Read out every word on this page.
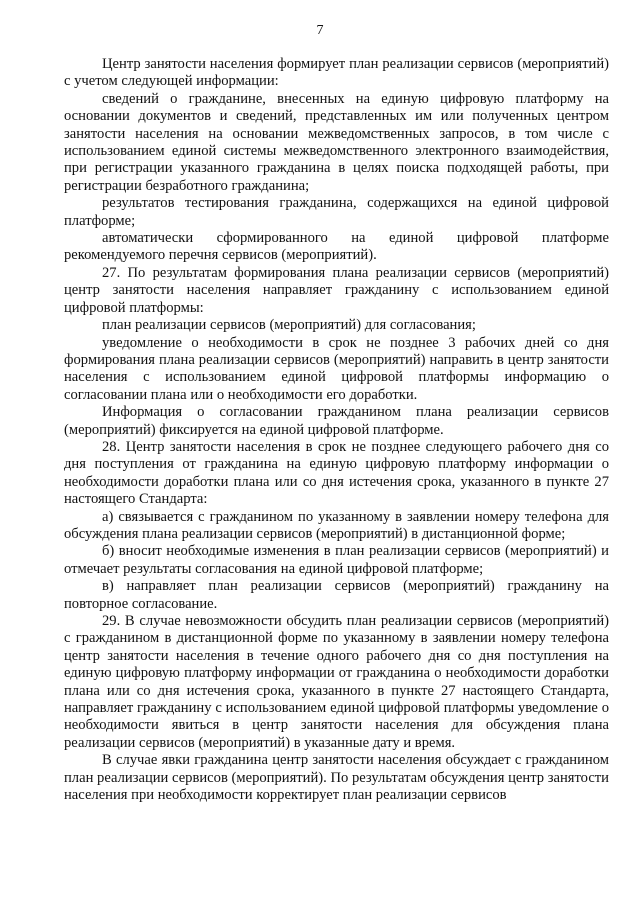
7

Центр занятости населения формирует план реализации сервисов (мероприятий) с учетом следующей информации:

сведений о гражданине, внесенных на единую цифровую платформу на основании документов и сведений, представленных им или полученных центром занятости населения на основании межведомственных запросов, в том числе с использованием единой системы межведомственного электронного взаимодействия, при регистрации указанного гражданина в целях поиска подходящей работы, при регистрации безработного гражданина;

результатов тестирования гражданина, содержащихся на единой цифровой платформе;

автоматически сформированного на единой цифровой платформе рекомендуемого перечня сервисов (мероприятий).

27. По результатам формирования плана реализации сервисов (мероприятий) центр занятости населения направляет гражданину с использованием единой цифровой платформы:

план реализации сервисов (мероприятий) для согласования;

уведомление о необходимости в срок не позднее 3 рабочих дней со дня формирования плана реализации сервисов (мероприятий) направить в центр занятости населения с использованием единой цифровой платформы информацию о согласовании плана или о необходимости его доработки.

Информация о согласовании гражданином плана реализации сервисов (мероприятий) фиксируется на единой цифровой платформе.

28. Центр занятости населения в срок не позднее следующего рабочего дня со дня поступления от гражданина на единую цифровую платформу информации о необходимости доработки плана или со дня истечения срока, указанного в пункте 27 настоящего Стандарта:

а) связывается с гражданином по указанному в заявлении номеру телефона для обсуждения плана реализации сервисов (мероприятий) в дистанционной форме;

б) вносит необходимые изменения в план реализации сервисов (мероприятий) и отмечает результаты согласования на единой цифровой платформе;

в) направляет план реализации сервисов (мероприятий) гражданину на повторное согласование.

29. В случае невозможности обсудить план реализации сервисов (мероприятий) с гражданином в дистанционной форме по указанному в заявлении номеру телефона центр занятости населения в течение одного рабочего дня со дня поступления на единую цифровую платформу информации от гражданина о необходимости доработки плана или со дня истечения срока, указанного в пункте 27 настоящего Стандарта, направляет гражданину с использованием единой цифровой платформы уведомление о необходимости явиться в центр занятости населения для обсуждения плана реализации сервисов (мероприятий) в указанные дату и время.

В случае явки гражданина центр занятости населения обсуждает с гражданином план реализации сервисов (мероприятий). По результатам обсуждения центр занятости населения при необходимости корректирует план реализации сервисов
